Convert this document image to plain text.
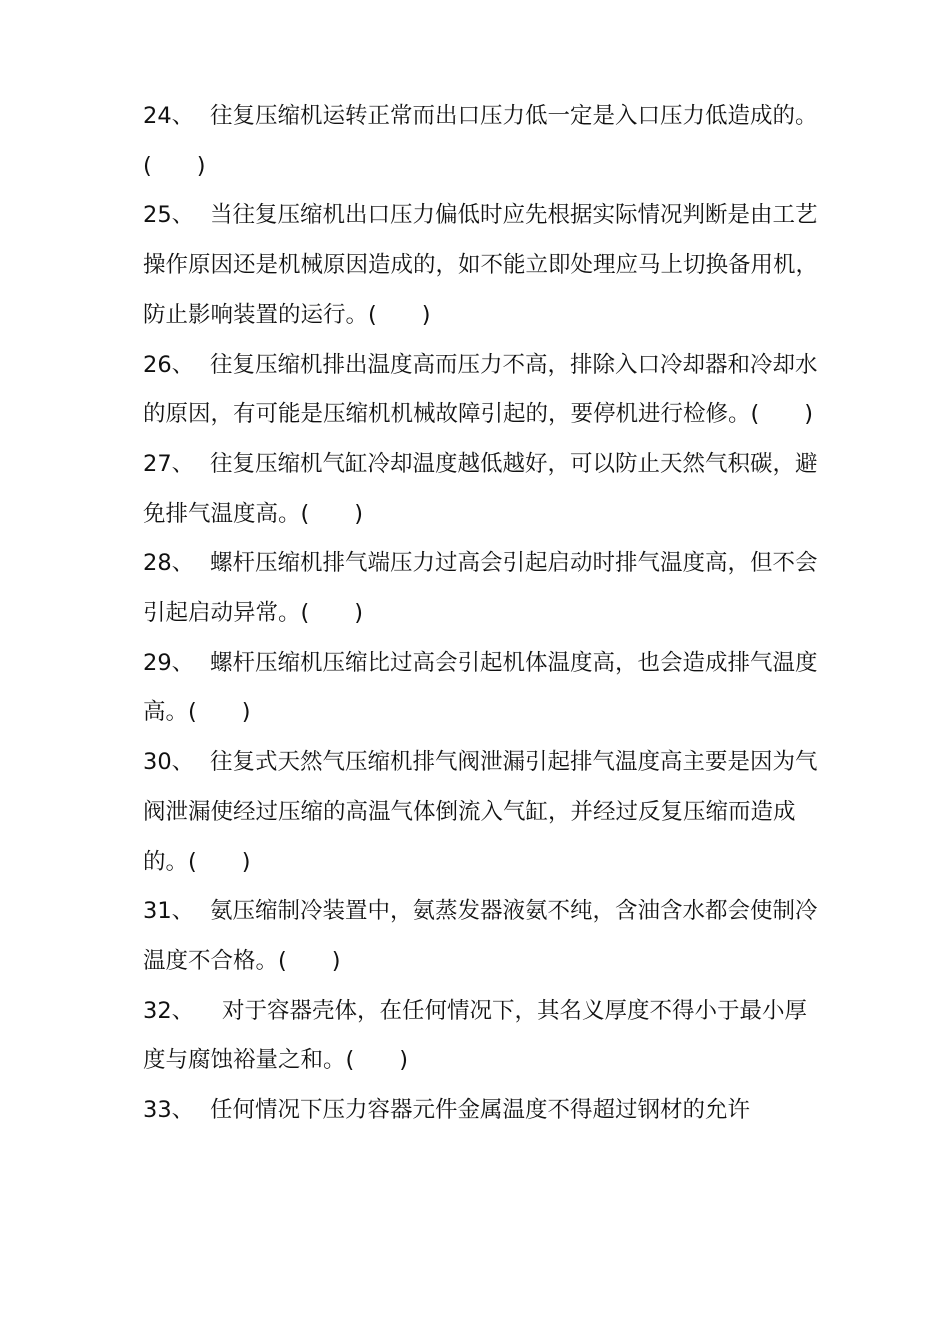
24、 往复压缩机运转正常而出口压力低一定是入口压力低造成的。(　　)

25、 当往复压缩机出口压力偏低时应先根据实际情况判断是由工艺操作原因还是机械原因造成的，如不能立即处理应马上切换备用机，防止影响装置的运行。(　　)

26、 往复压缩机排出温度高而压力不高，排除入口冷却器和冷却水的原因，有可能是压缩机机械故障引起的，要停机进行检修。(　　)

27、 往复压缩机气缸冷却温度越低越好，可以防止天然气积碳，避免排气温度高。(　　)

28、 螺杆压缩机排气端压力过高会引起启动时排气温度高，但不会引起启动异常。(　　)

29、 螺杆压缩机压缩比过高会引起机体温度高，也会造成排气温度高。(　　)

30、 往复式天然气压缩机排气阀泄漏引起排气温度高主要是因为气阀泄漏使经过压缩的高温气体倒流入气缸，并经过反复压缩而造成的。(　　)

31、 氨压缩制冷装置中，氨蒸发器液氨不纯，含油含水都会使制冷温度不合格。(　　)

32、 对于容器壳体，在任何情况下，其名义厚度不得小于最小厚度与腐蚀裕量之和。(　　)

33、 任何情况下压力容器元件金属温度不得超过钢材的允许
